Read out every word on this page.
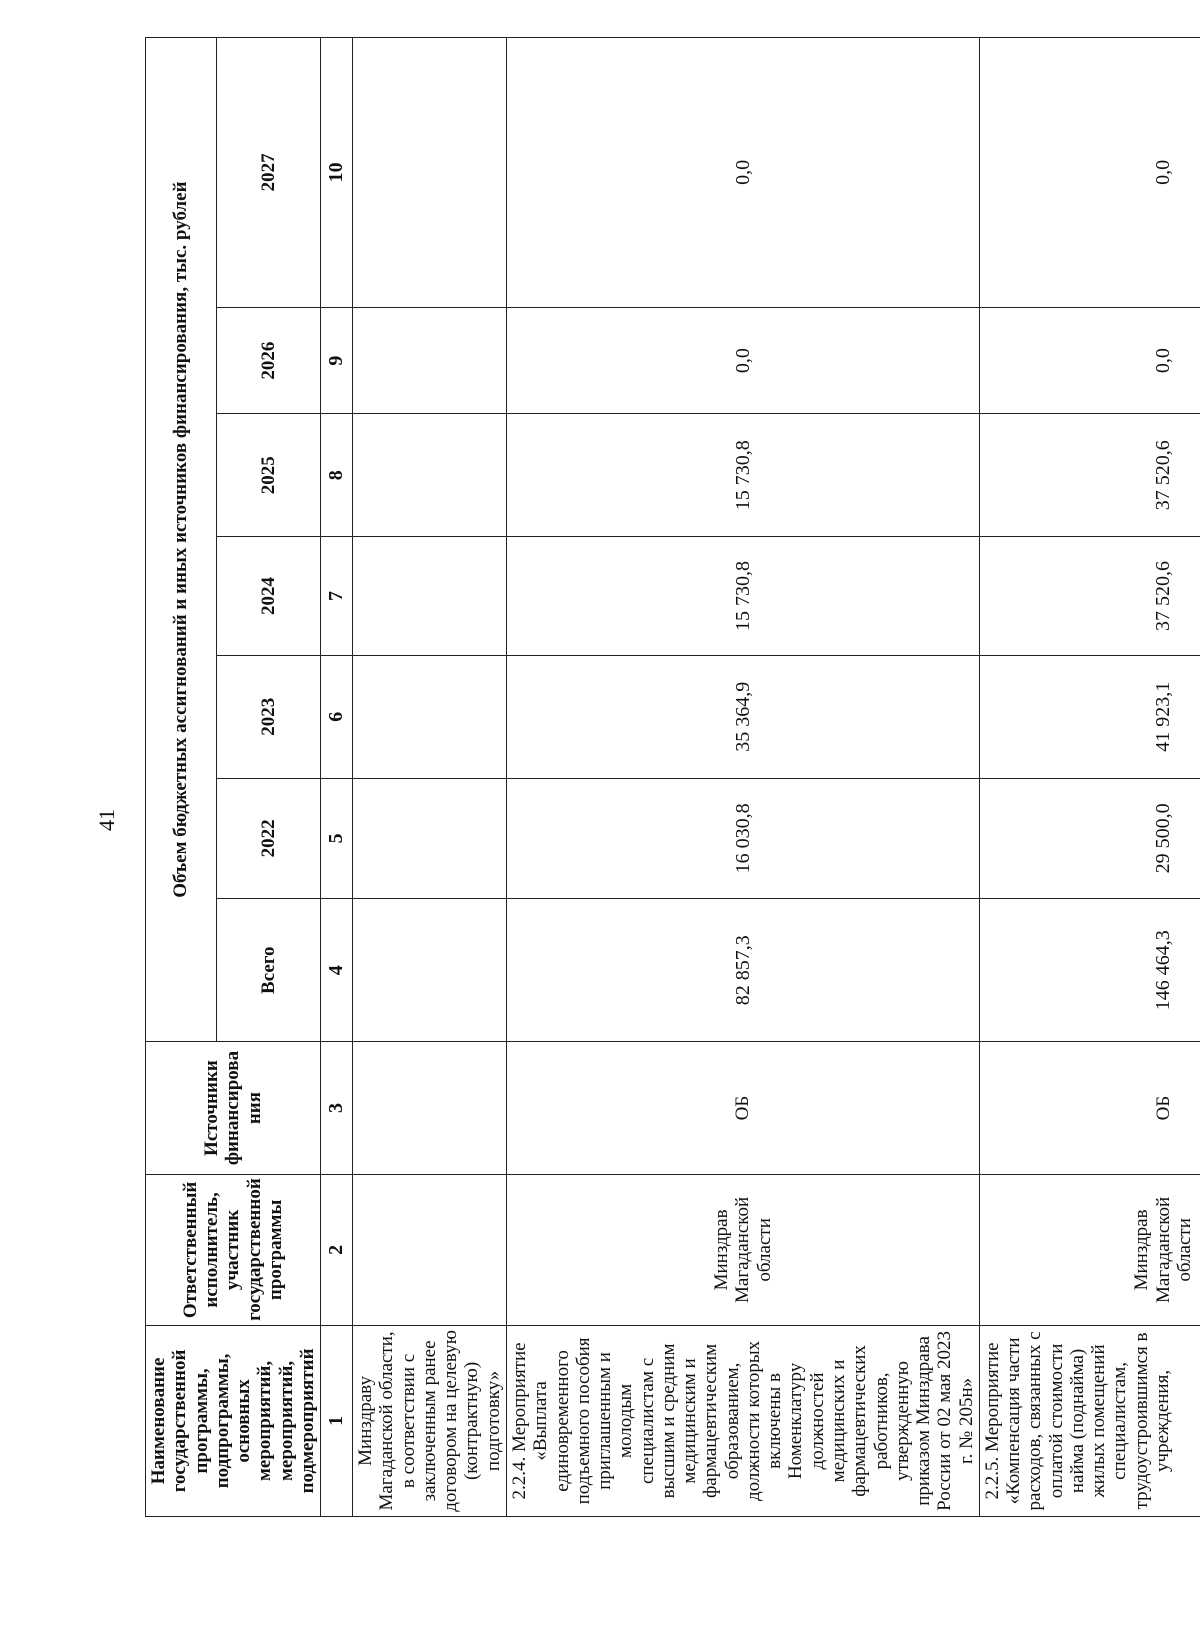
41
Наименование государственной программы, подпрограммы, основных мероприятий, мероприятий, подмероприятий	Ответственный исполнитель, участник государственной программы	Источники финансирова ния	Объем бюджетных ассигнований и иных источников финансирования, тыс. рублей						
			Всего	2022	2023	2024	2025	2026	2027
1	2	3	4	5	6	7	8	9	10
Минздраву Магаданской области, в соответствии с заключенным ранее договором на целевую (контрактную) подготовку»									
2.2.4. Мероприятие «Выплата единовременного подъемного пособия приглашенным и молодым специалистам с высшим и средним медицинским и фармацевтическим образованием, должности которых включены в Номенклатуру должностей медицинских и фармацевтических работников, утвержденную приказом Минздрава России от 02 мая 2023 г. № 205н»	Минздрав Магаданской области	ОБ	82 857,3	16 030,8	35 364,9	15 730,8	15 730,8	0,0	0,0
2.2.5. Мероприятие «Компенсация части расходов, связанных с оплатой стоимости найма (поднайма) жилых помещений специалистам, трудоустроившимся в учреждения,	Минздрав Магаданской области	ОБ	146 464,3	29 500,0	41 923,1	37 520,6	37 520,6	0,0	0,0
